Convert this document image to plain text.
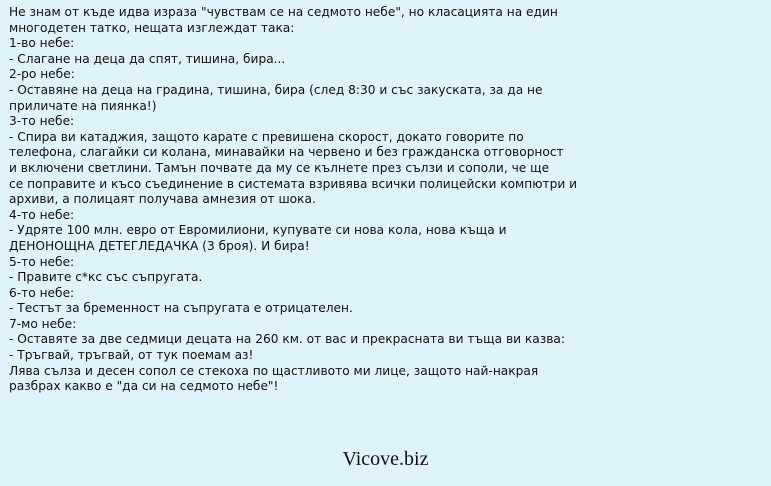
Не знам от къде идва израза "чувствам се на седмото небе", но класацията на един
многодетен татко, нещата изглеждат така:
1-во небе:
- Слагане на деца да спят, тишина, бира...
2-ро небе:
- Оставяне на деца на градина, тишина, бира (след 8:30 и със закуската, за да не
приличате на пиянка!)
3-то небе:
- Спира ви катаджия, защото карате с превишена скорост, докато говорите по
телефона, слагайки си колана, минавайки на червено и без гражданска отговорност
и включени светлини. Тамън почвате да му се кълнете през сълзи и сополи, че ще
се поправите и късо съединение в системата взривява всички полицейски компютри и
архиви, а полицаят получава амнезия от шока.
4-то небе:
- Удряте 100 млн. евро от Евромилиони, купувате си нова кола, нова къща и
ДЕНОНОЩНА ДЕТЕГЛЕДАЧКА (3 броя). И бира!
5-то небе:
- Правите с*кс със съпругата.
6-то небе:
- Тестът за бременност на съпругата е отрицателен.
7-мо небе:
- Оставяте за две седмици децата на 260 км. от вас и прекрасната ви тъща ви казва:
- Тръгвай, тръгвай, от тук поемам аз!
Лява сълза и десен сопол се стекоха по щастливото ми лице, защото най-накрая
разбрах какво е "да си на седмото небе"!
Vicove.biz
